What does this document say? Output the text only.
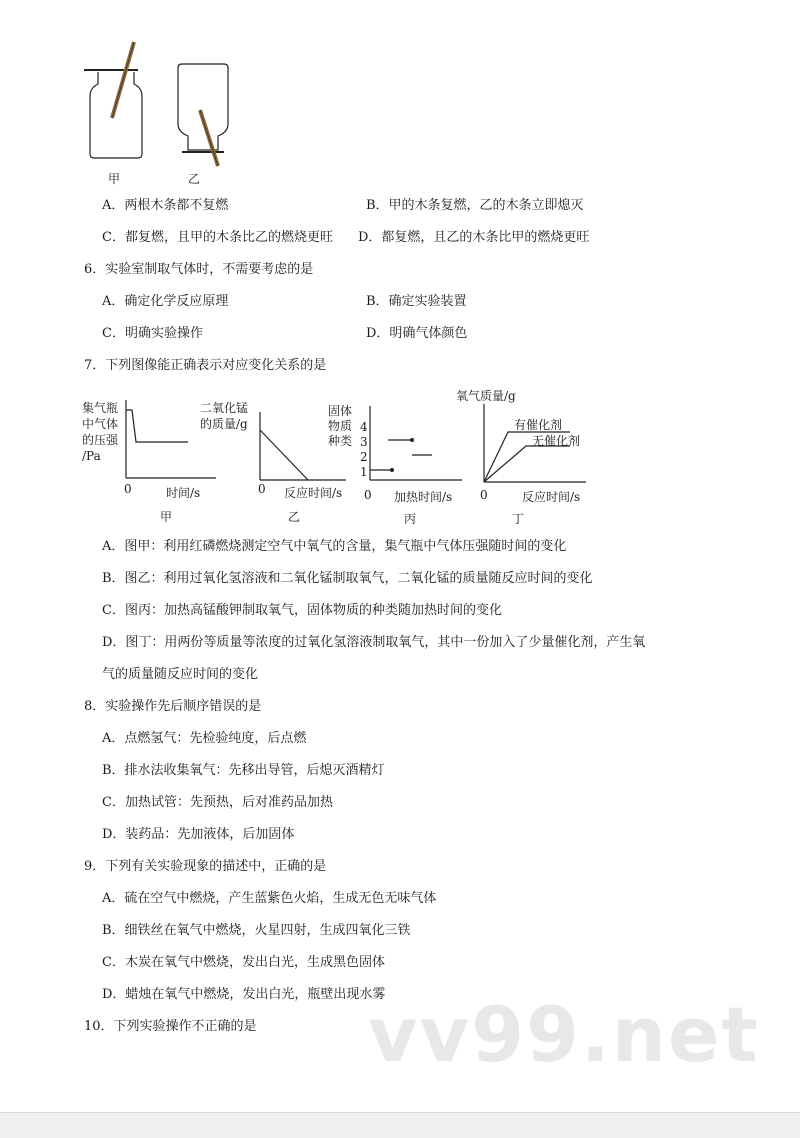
甲	乙
A．两根木条都不复燃	B．甲的木条复燃，乙的木条立即熄灭
C．都复燃，且甲的木条比乙的燃烧更旺 D．都复燃，且乙的木条比甲的燃烧更旺
6．实验室制取气体时，不需要考虑的是
A．确定化学反应原理	B．确定实验装置
C．明确实验操作	D．明确气体颜色
7．下列图像能正确表示对应变化关系的是
集气瓶
中气体
的压强
/Pa
0	时间/s
甲
二氧化锰
的质量/g
0 反应时间/s
乙
固体
物质
种类
4
3
2
1
0 加热时间/s
丙
氧气质量/g
有催化剂
无催化剂
0	反应时间/s
丁
A．图甲：利用红磷燃烧测定空气中氧气的含量，集气瓶中气体压强随时间的变化
B．图乙：利用过氧化氢溶液和二氧化锰制取氧气，二氧化锰的质量随反应时间的变化
C．图丙：加热高锰酸钾制取氧气，固体物质的种类随加热时间的变化
D．图丁：用两份等质量等浓度的过氧化氢溶液制取氧气，其中一份加入了少量催化剂，产生氧
气的质量随反应时间的变化
8．实验操作先后顺序错误的是
A．点燃氢气：先检验纯度，后点燃
B．排水法收集氧气：先移出导管，后熄灭酒精灯
C．加热试管：先预热，后对准药品加热
D．装药品：先加液体，后加固体
9．下列有关实验现象的描述中，正确的是
A．硫在空气中燃烧，产生蓝紫色火焰，生成无色无味气体
B．细铁丝在氧气中燃烧，火星四射，生成四氧化三铁
C．木炭在氧气中燃烧，发出白光，生成黑色固体
D．蜡烛在氧气中燃烧，发出白光，瓶壁出现水雾
10．下列实验操作不正确的是 vv99.net
